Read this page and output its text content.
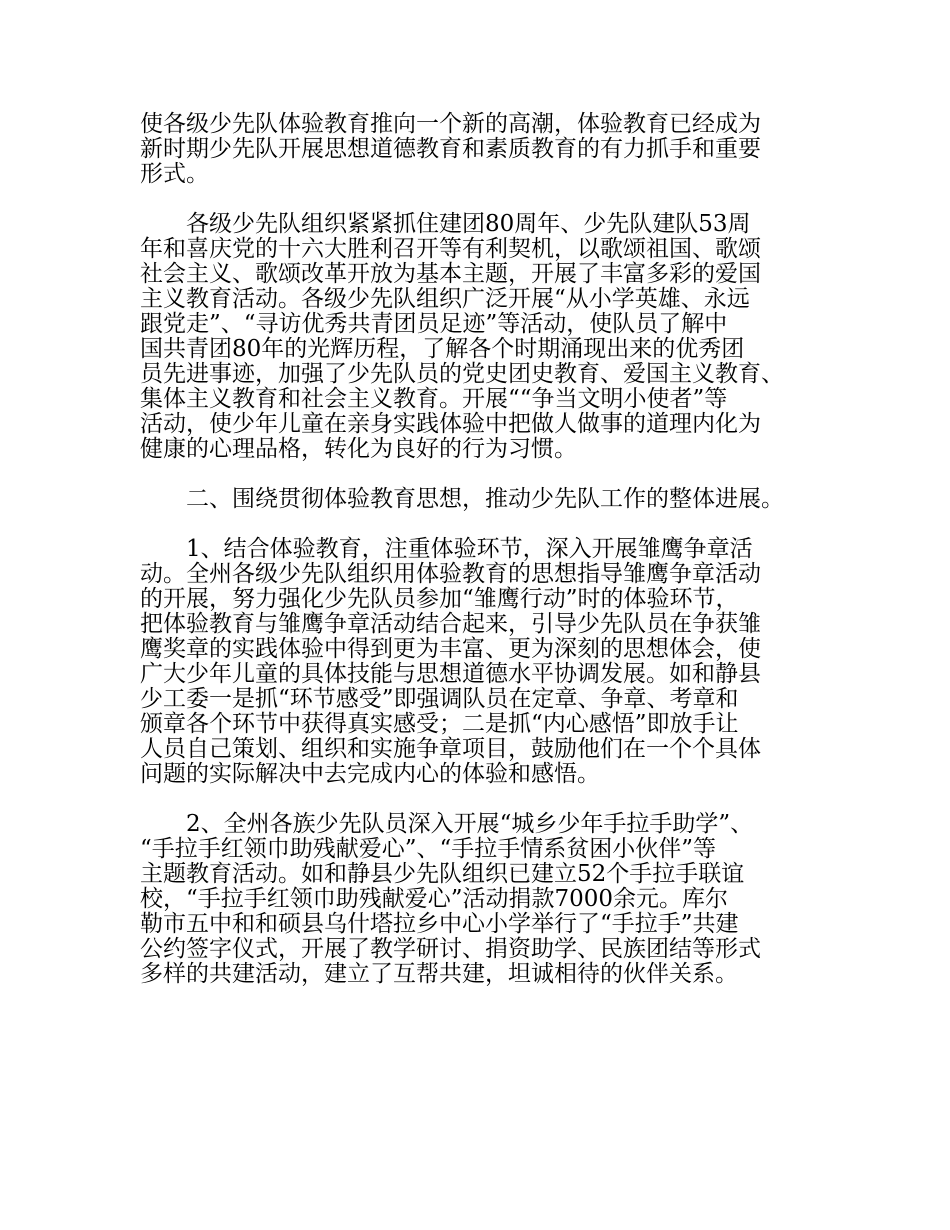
使各级少先队体验教育推向一个新的高潮，体验教育已经成为
新时期少先队开展思想道德教育和素质教育的有力抓手和重要
形式。
　　各级少先队组织紧紧抓住建团80周年、少先队建队53周
年和喜庆党的十六大胜利召开等有利契机，以歌颂祖国、歌颂
社会主义、歌颂改革开放为基本主题，开展了丰富多彩的爱国
主义教育活动。各级少先队组织广泛开展“从小学英雄、永远
跟党走”、“寻访优秀共青团员足迹”等活动，使队员了解中
国共青团80年的光辉历程，了解各个时期涌现出来的优秀团
员先进事迹，加强了少先队员的党史团史教育、爱国主义教育、
集体主义教育和社会主义教育。开展““争当文明小使者”等
活动，使少年儿童在亲身实践体验中把做人做事的道理内化为
健康的心理品格，转化为良好的行为习惯。
　　二、围绕贯彻体验教育思想，推动少先队工作的整体进展。
　　1、结合体验教育，注重体验环节，深入开展雏鹰争章活
动。全州各级少先队组织用体验教育的思想指导雏鹰争章活动
的开展，努力强化少先队员参加“雏鹰行动”时的体验环节，
把体验教育与雏鹰争章活动结合起来，引导少先队员在争获雏
鹰奖章的实践体验中得到更为丰富、更为深刻的思想体会，使
广大少年儿童的具体技能与思想道德水平协调发展。如和静县
少工委一是抓“环节感受”即强调队员在定章、争章、考章和
颁章各个环节中获得真实感受；二是抓“内心感悟”即放手让
人员自己策划、组织和实施争章项目，鼓励他们在一个个具体
问题的实际解决中去完成内心的体验和感悟。
　　2、全州各族少先队员深入开展“城乡少年手拉手助学”、
“手拉手红领巾助残献爱心”、“手拉手情系贫困小伙伴”等
主题教育活动。如和静县少先队组织已建立52个手拉手联谊
校，“手拉手红领巾助残献爱心”活动捐款7000余元。库尔
勒市五中和和硕县乌什塔拉乡中心小学举行了“手拉手”共建
公约签字仪式，开展了教学研讨、捐资助学、民族团结等形式
多样的共建活动，建立了互帮共建，坦诚相待的伙伴关系。
